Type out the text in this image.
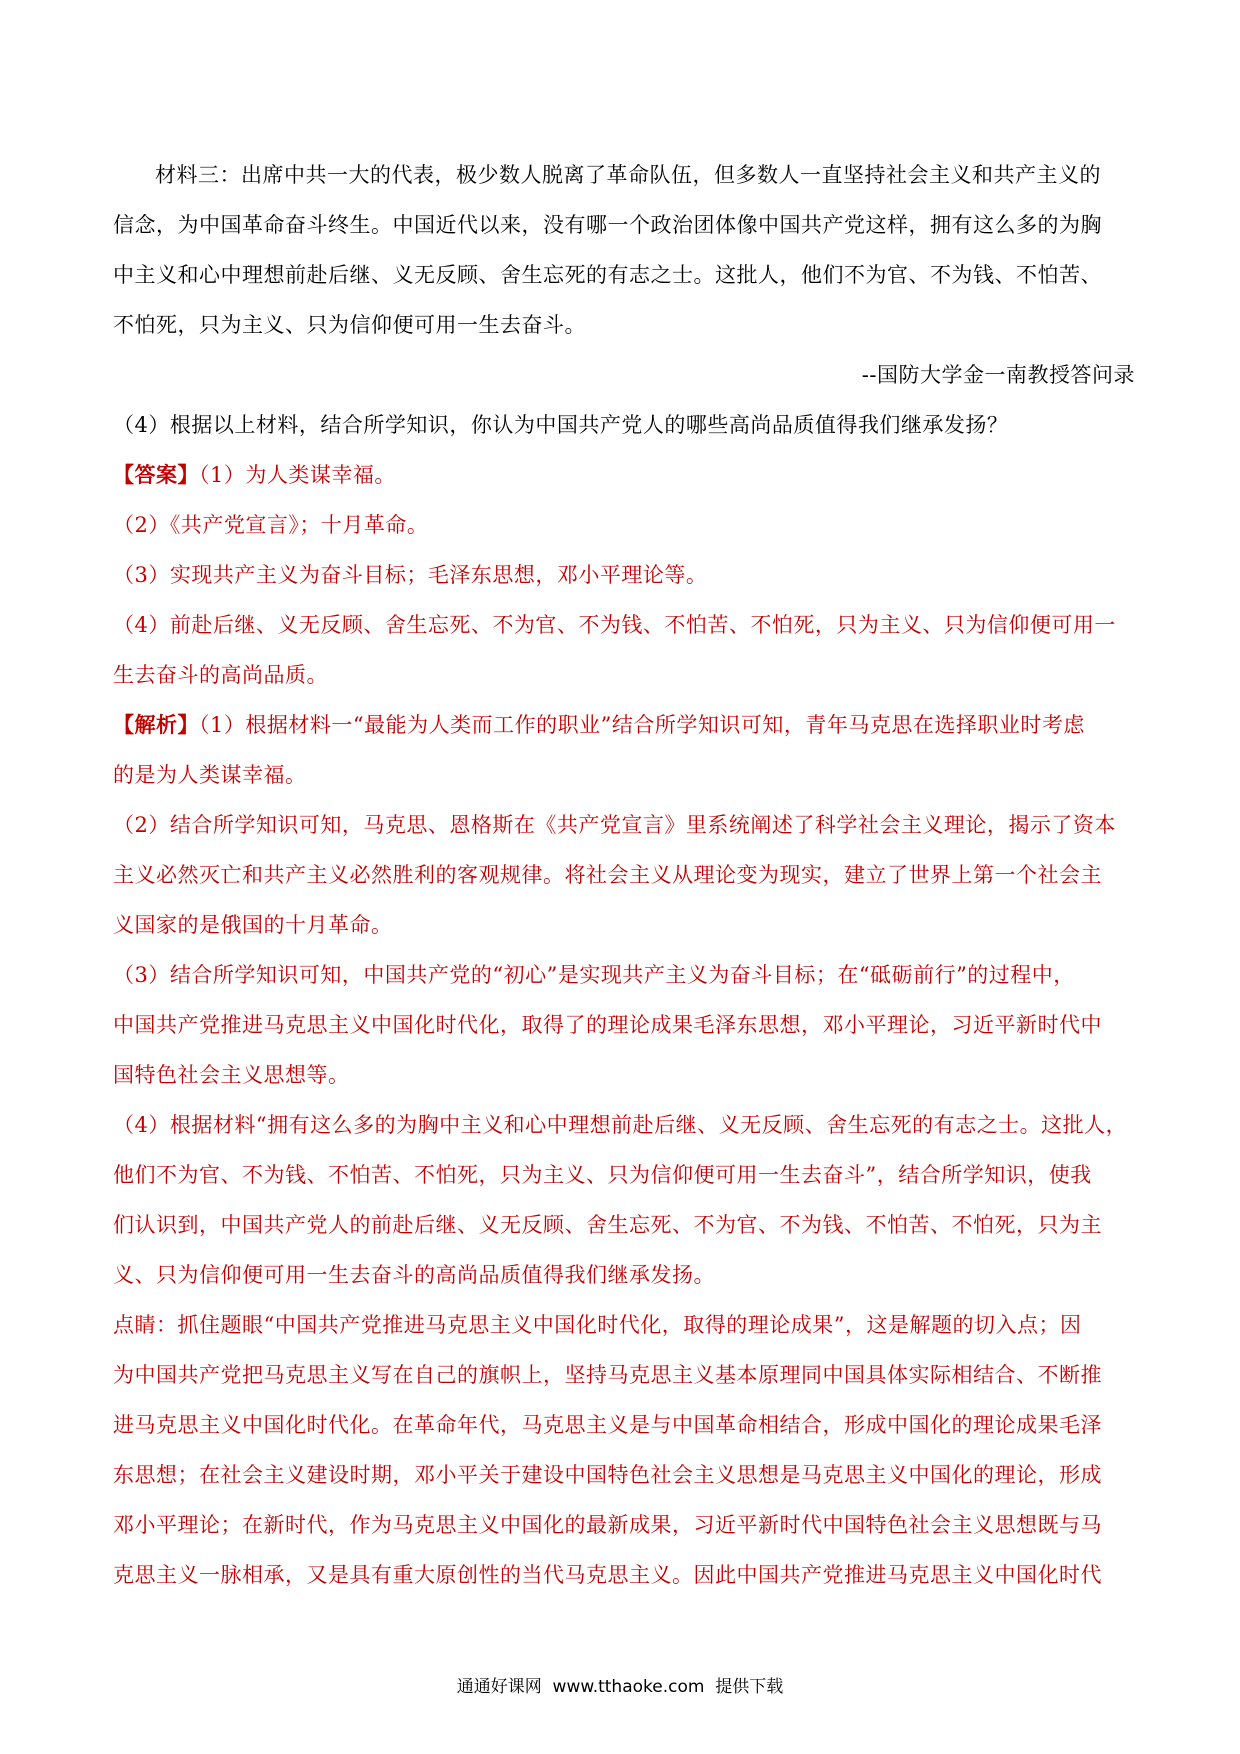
材料三：出席中共一大的代表，极少数人脱离了革命队伍，但多数人一直坚持社会主义和共产主义的
信念，为中国革命奋斗终生。中国近代以来，没有哪一个政治团体像中国共产党这样，拥有这么多的为胸
中主义和心中理想前赴后继、义无反顾、舍生忘死的有志之士。这批人，他们不为官、不为钱、不怕苦、
不怕死，只为主义、只为信仰便可用一生去奋斗。
--国防大学金一南教授答问录
（4）根据以上材料，结合所学知识，你认为中国共产党人的哪些高尚品质值得我们继承发扬？
【答案】（1）为人类谋幸福。
（2）《共产党宣言》；十月革命。
（3）实现共产主义为奋斗目标；毛泽东思想，邓小平理论等。
（4）前赴后继、义无反顾、舍生忘死、不为官、不为钱、不怕苦、不怕死，只为主义、只为信仰便可用一
生去奋斗的高尚品质。
【解析】（1）根据材料一“最能为人类而工作的职业”结合所学知识可知，青年马克思在选择职业时考虑
的是为人类谋幸福。
（2）结合所学知识可知，马克思、恩格斯在《共产党宣言》里系统阐述了科学社会主义理论，揭示了资本
主义必然灭亡和共产主义必然胜利的客观规律。将社会主义从理论变为现实，建立了世界上第一个社会主
义国家的是俄国的十月革命。
（3）结合所学知识可知，中国共产党的“初心”是实现共产主义为奋斗目标；在“砥砺前行”的过程中，
中国共产党推进马克思主义中国化时代化，取得了的理论成果毛泽东思想，邓小平理论，习近平新时代中
国特色社会主义思想等。
（4）根据材料“拥有这么多的为胸中主义和心中理想前赴后继、义无反顾、舍生忘死的有志之士。这批人，
他们不为官、不为钱、不怕苦、不怕死，只为主义、只为信仰便可用一生去奋斗”，结合所学知识，使我
们认识到，中国共产党人的前赴后继、义无反顾、舍生忘死、不为官、不为钱、不怕苦、不怕死，只为主
义、只为信仰便可用一生去奋斗的高尚品质值得我们继承发扬。
点睛：抓住题眼“中国共产党推进马克思主义中国化时代化，取得的理论成果”，这是解题的切入点；因
为中国共产党把马克思主义写在自己的旗帜上，坚持马克思主义基本原理同中国具体实际相结合、不断推
进马克思主义中国化时代化。在革命年代，马克思主义是与中国革命相结合，形成中国化的理论成果毛泽
东思想；在社会主义建设时期，邓小平关于建设中国特色社会主义思想是马克思主义中国化的理论，形成
邓小平理论；在新时代，作为马克思主义中国化的最新成果，习近平新时代中国特色社会主义思想既与马
克思主义一脉相承，又是具有重大原创性的当代马克思主义。因此中国共产党推进马克思主义中国化时代
通通好课网  www.tthaoke.com  提供下载
